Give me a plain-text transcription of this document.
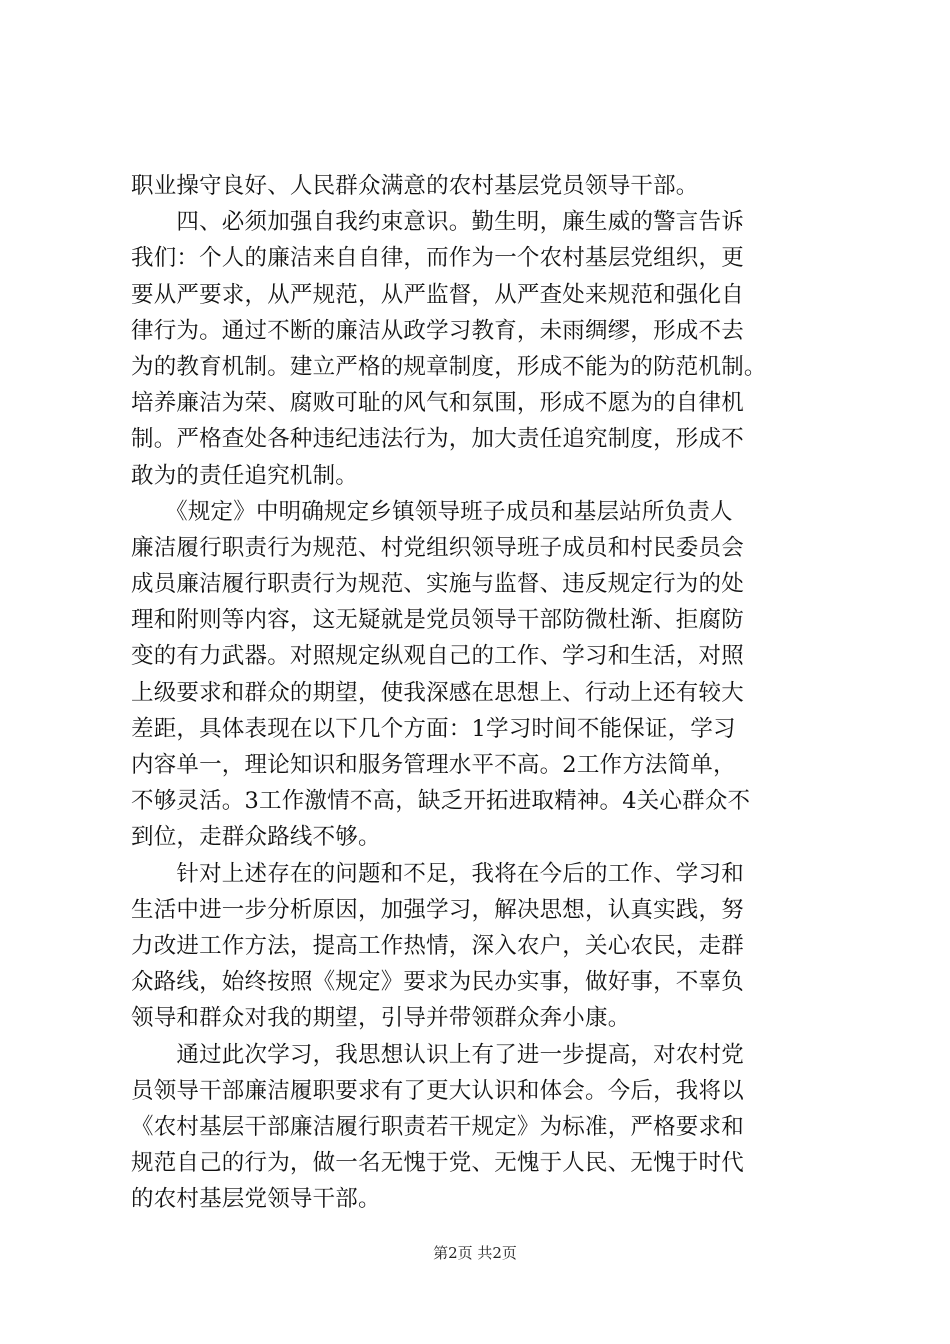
职业操守良好、人民群众满意的农村基层党员领导干部。
　　四、必须加强自我约束意识。勤生明，廉生威的警言告诉
我们：个人的廉洁来自自律，而作为一个农村基层党组织，更
要从严要求，从严规范，从严监督，从严查处来规范和强化自
律行为。通过不断的廉洁从政学习教育，未雨绸缪，形成不去
为的教育机制。建立严格的规章制度，形成不能为的防范机制。
培养廉洁为荣、腐败可耻的风气和氛围，形成不愿为的自律机
制。严格查处各种违纪违法行为，加大责任追究制度，形成不
敢为的责任追究机制。
　　《规定》中明确规定乡镇领导班子成员和基层站所负责人
廉洁履行职责行为规范、村党组织领导班子成员和村民委员会
成员廉洁履行职责行为规范、实施与监督、违反规定行为的处
理和附则等内容，这无疑就是党员领导干部防微杜渐、拒腐防
变的有力武器。对照规定纵观自己的工作、学习和生活，对照
上级要求和群众的期望，使我深感在思想上、行动上还有较大
差距，具体表现在以下几个方面：1学习时间不能保证，学习
内容单一，理论知识和服务管理水平不高。2工作方法简单，
不够灵活。3工作激情不高，缺乏开拓进取精神。4关心群众不
到位，走群众路线不够。
　　针对上述存在的问题和不足，我将在今后的工作、学习和
生活中进一步分析原因，加强学习，解决思想，认真实践，努
力改进工作方法，提高工作热情，深入农户，关心农民，走群
众路线，始终按照《规定》要求为民办实事，做好事，不辜负
领导和群众对我的期望，引导并带领群众奔小康。
　　通过此次学习，我思想认识上有了进一步提高，对农村党
员领导干部廉洁履职要求有了更大认识和体会。今后，我将以
《农村基层干部廉洁履行职责若干规定》为标准，严格要求和
规范自己的行为，做一名无愧于党、无愧于人民、无愧于时代
的农村基层党领导干部。
第2页 共2页
